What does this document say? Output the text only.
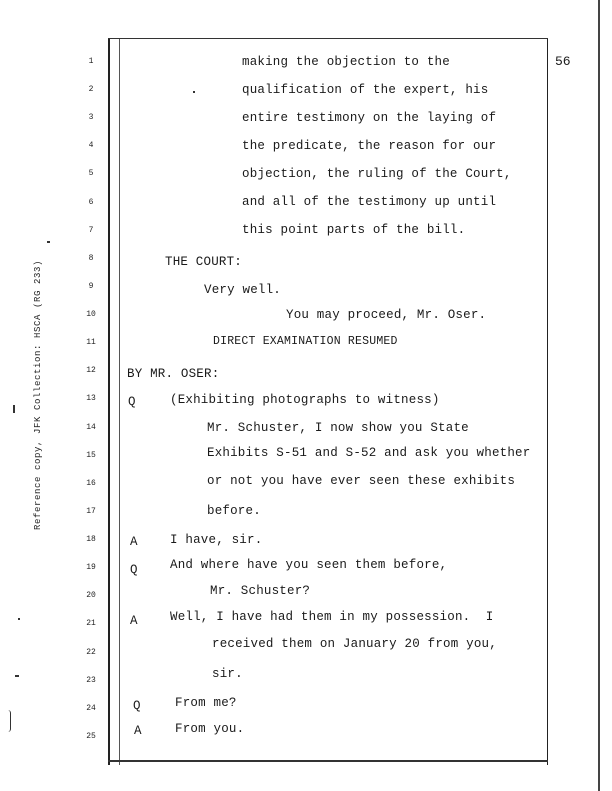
56
Reference copy, JFK Collection: HSCA (RG 233)
1
2
3
4
5
6
7
8
9
10
11
12
13
14
15
16
17
18
19
20
21
22
23
24
25
making the objection to the
qualification of the expert, his
entire testimony on the laying of
the predicate, the reason for our
objection, the ruling of the Court,
and all of the testimony up until
this point parts of the bill.
THE COURT:
Very well.
You may proceed, Mr. Oser.
DIRECT EXAMINATION RESUMED
BY MR. OSER:
Q	(Exhibiting photographs to witness)
Mr. Schuster, I now show you State
Exhibits S-51 and S-52 and ask you whether
or not you have ever seen these exhibits
before.
A	I have, sir.
Q	And where have you seen them before,
Mr. Schuster?
A	Well, I have had them in my possession.  I
received them on January 20 from you,
sir.
Q	From me?
A	From you.
